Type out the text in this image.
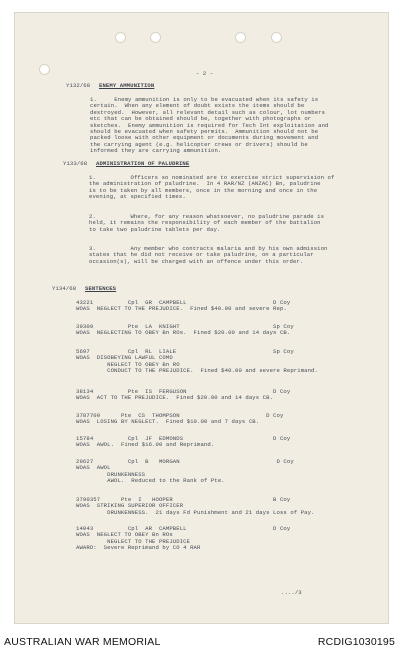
- 2 -
Y132/68 ENEMY AMMUNITION
1.     Enemy ammunition is only to be evacuated when its safety is
certain.  When any element of doubt exists the items should be
destroyed.  However, all relevant detail such as colour, lot numbers
etc that can be obtained should be, together with photographs or
sketches.  Enemy ammunition is required for Tech Int exploitation and
should be evacuated when safety permits.  Ammunition should not be
packed loose with other equipment or documents during movement and
the carrying agent (e.g. helicopter crews or drivers) should be
informed they are carrying ammunition.
Y133/68 ADMINISTRATION OF PALUDRINE
1.          Officers so nominated are to exercise strict supervision of
the administration of paludrine.  In 4 RAR/NZ (ANZAC) Bn, paludrine
is to be taken by all members, once in the morning and once in the
evening, at specified times.
2.          Where, for any reason whatsoever, no paludrine parade is
held, it remains the responsibility of each member of the battalion
to take two paludrine tablets per day.
3.          Any member who contracts malaria and by his own admission
states that he did not receive or take paludrine, on a particular
occasion(s), will be charged with an offence under this order.
Y134/68 SENTENCES
43221          Cpl  GR  CAMPBELL                         D Coy
WOAS  NEGLECT TO THE PREJUDICE.  Fined $40.00 and severe Rep.
39309          Pte  LA  KNIGHT                           Sp Coy
WOAS  NEGLECTING TO OBEY Bn ROs.  Fined $20.00 and 14 days CB.
5697           Cpl  RL  LIALE                            Sp Coy
WOAS  DISOBEYING LAWFUL COMD
NEGLECT TO OBEY Bn RO
CONDUCT TO THE PREJUDICE.  Fined $40.00 and severe Reprimand.
38134          Pte  IS  FERGUSON                         D Coy
WOAS  ACT TO THE PREJUDICE.  Fined $20.00 and 14 days CB.
3787709      Pte  CS  THOMPSON                         D Coy
WOAS  LOSING BY NEGLECT.  Fined $10.00 and 7 days CB.
15784          Cpl  JF  EDMONDS                          D Coy
WOAS  AWOL.  Fined $16.00 and Reprimand.
29627          Cpl  B   MORGAN                            D Coy
WOAS  AWOL
DRUNKENNESS
AWOL.  Reduced to the Rank of Pte.
3790357      Pte  I   HOOPER                             B Coy
WOAS  STRIKING SUPERIOR OFFICER
DRUNKENNESS.  21 days Fd Punishment and 21 days Loss of Pay.
14043          Cpl  AR  CAMPBELL                         D Coy
WOAS  NEGLECT TO OBEY Bn ROs
NEGLECT TO THE PREJUDICE
AWARD:  Severe Reprimand by CO 4 RAR
..../3
AUSTRALIAN WAR MEMORIAL	RCDIG1030195
